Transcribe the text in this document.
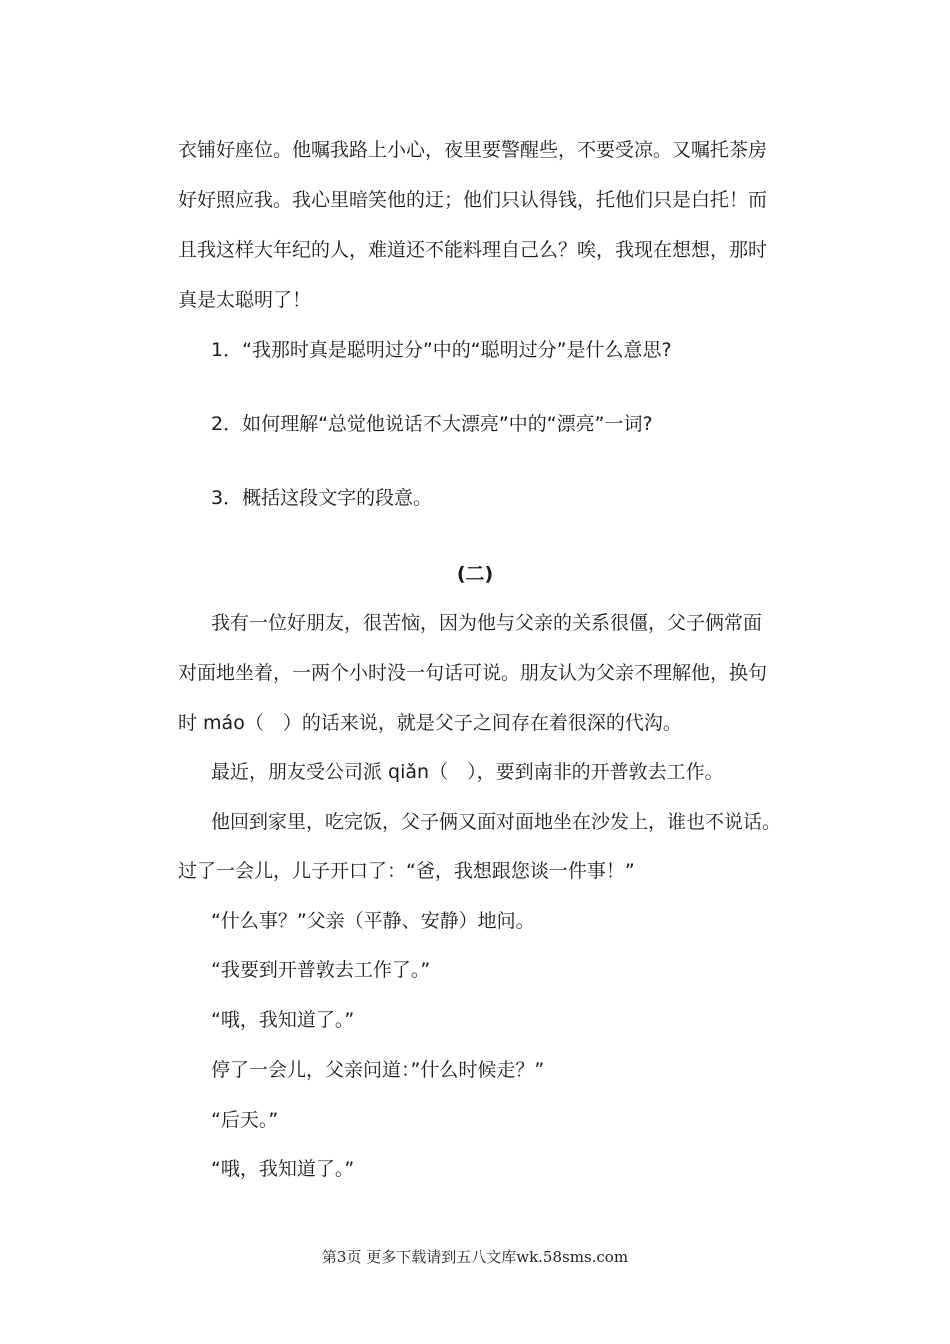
衣铺好座位。他嘱我路上小心，夜里要警醒些，不要受凉。又嘱托茶房
好好照应我。我心里暗笑他的迂；他们只认得钱，托他们只是白托！而
且我这样大年纪的人，难道还不能料理自己么？唉，我现在想想，那时
真是太聪明了！
1．“我那时真是聪明过分”中的“聪明过分”是什么意思?
2．如何理解“总觉他说话不大漂亮”中的“漂亮”一词?
3．概括这段文字的段意。
(二)
我有一位好朋友，很苦恼，因为他与父亲的关系很僵，父子俩常面
对面地坐着，一两个小时没一句话可说。朋友认为父亲不理解他，换句
时 máo（　）的话来说，就是父子之间存在着很深的代沟。
最近，朋友受公司派 qiǎn（　），要到南非的开普敦去工作。
他回到家里，吃完饭，父子俩又面对面地坐在沙发上，谁也不说话。
过了一会儿，儿子开口了：“爸，我想跟您谈一件事！”
“什么事？”父亲（平静、安静）地问。
“我要到开普敦去工作了。”
“哦，我知道了。”
停了一会儿，父亲问道：”什么时候走？”
“后天。”
“哦，我知道了。”
第3页 更多下载请到五八文库wk.58sms.com
